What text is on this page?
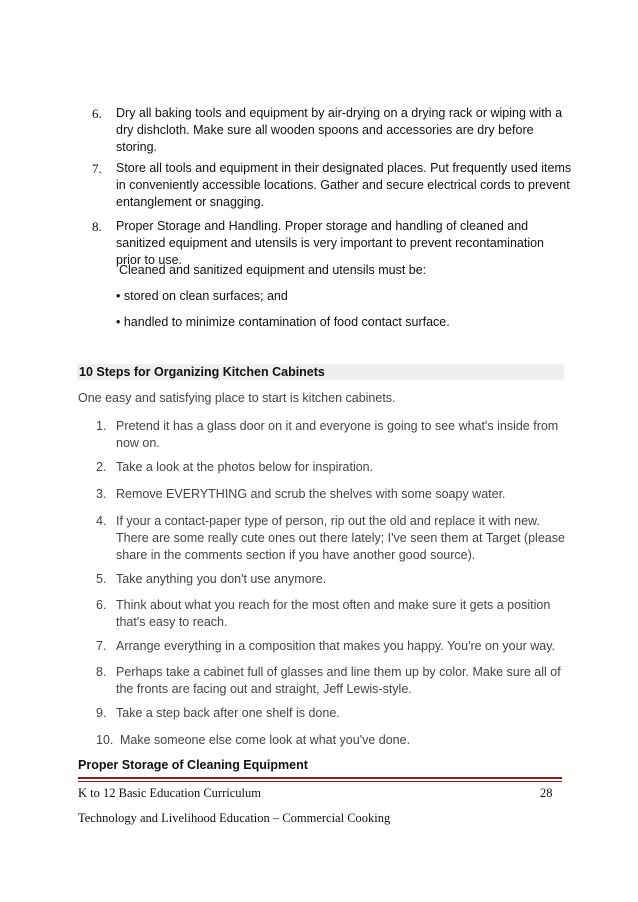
6. Dry all baking tools and equipment by air-drying on a drying rack or wiping with a dry dishcloth. Make sure all wooden spoons and accessories are dry before storing.
7. Store all tools and equipment in their designated places. Put frequently used items in conveniently accessible locations. Gather and secure electrical cords to prevent entanglement or snagging.
8. Proper Storage and Handling. Proper storage and handling of cleaned and sanitized equipment and utensils is very important to prevent recontamination prior to use.
Cleaned and sanitized equipment and utensils must be:
• stored on clean surfaces; and
• handled to minimize contamination of food contact surface.
10 Steps for Organizing Kitchen Cabinets
One easy and satisfying place to start is kitchen cabinets.
1. Pretend it has a glass door on it and everyone is going to see what's inside from now on.
2. Take a look at the photos below for inspiration.
3. Remove EVERYTHING and scrub the shelves with some soapy water.
4. If your a contact-paper type of person, rip out the old and replace it with new. There are some really cute ones out there lately; I've seen them at Target (please share in the comments section if you have another good source).
5. Take anything you don't use anymore.
6. Think about what you reach for the most often and make sure it gets a position that's easy to reach.
7. Arrange everything in a composition that makes you happy. You're on your way.
8. Perhaps take a cabinet full of glasses and line them up by color. Make sure all of the fronts are facing out and straight, Jeff Lewis-style.
9. Take a step back after one shelf is done.
10. Make someone else come look at what you've done.
Proper Storage of Cleaning Equipment
K to 12 Basic Education Curriculum	28
Technology and Livelihood Education – Commercial Cooking
